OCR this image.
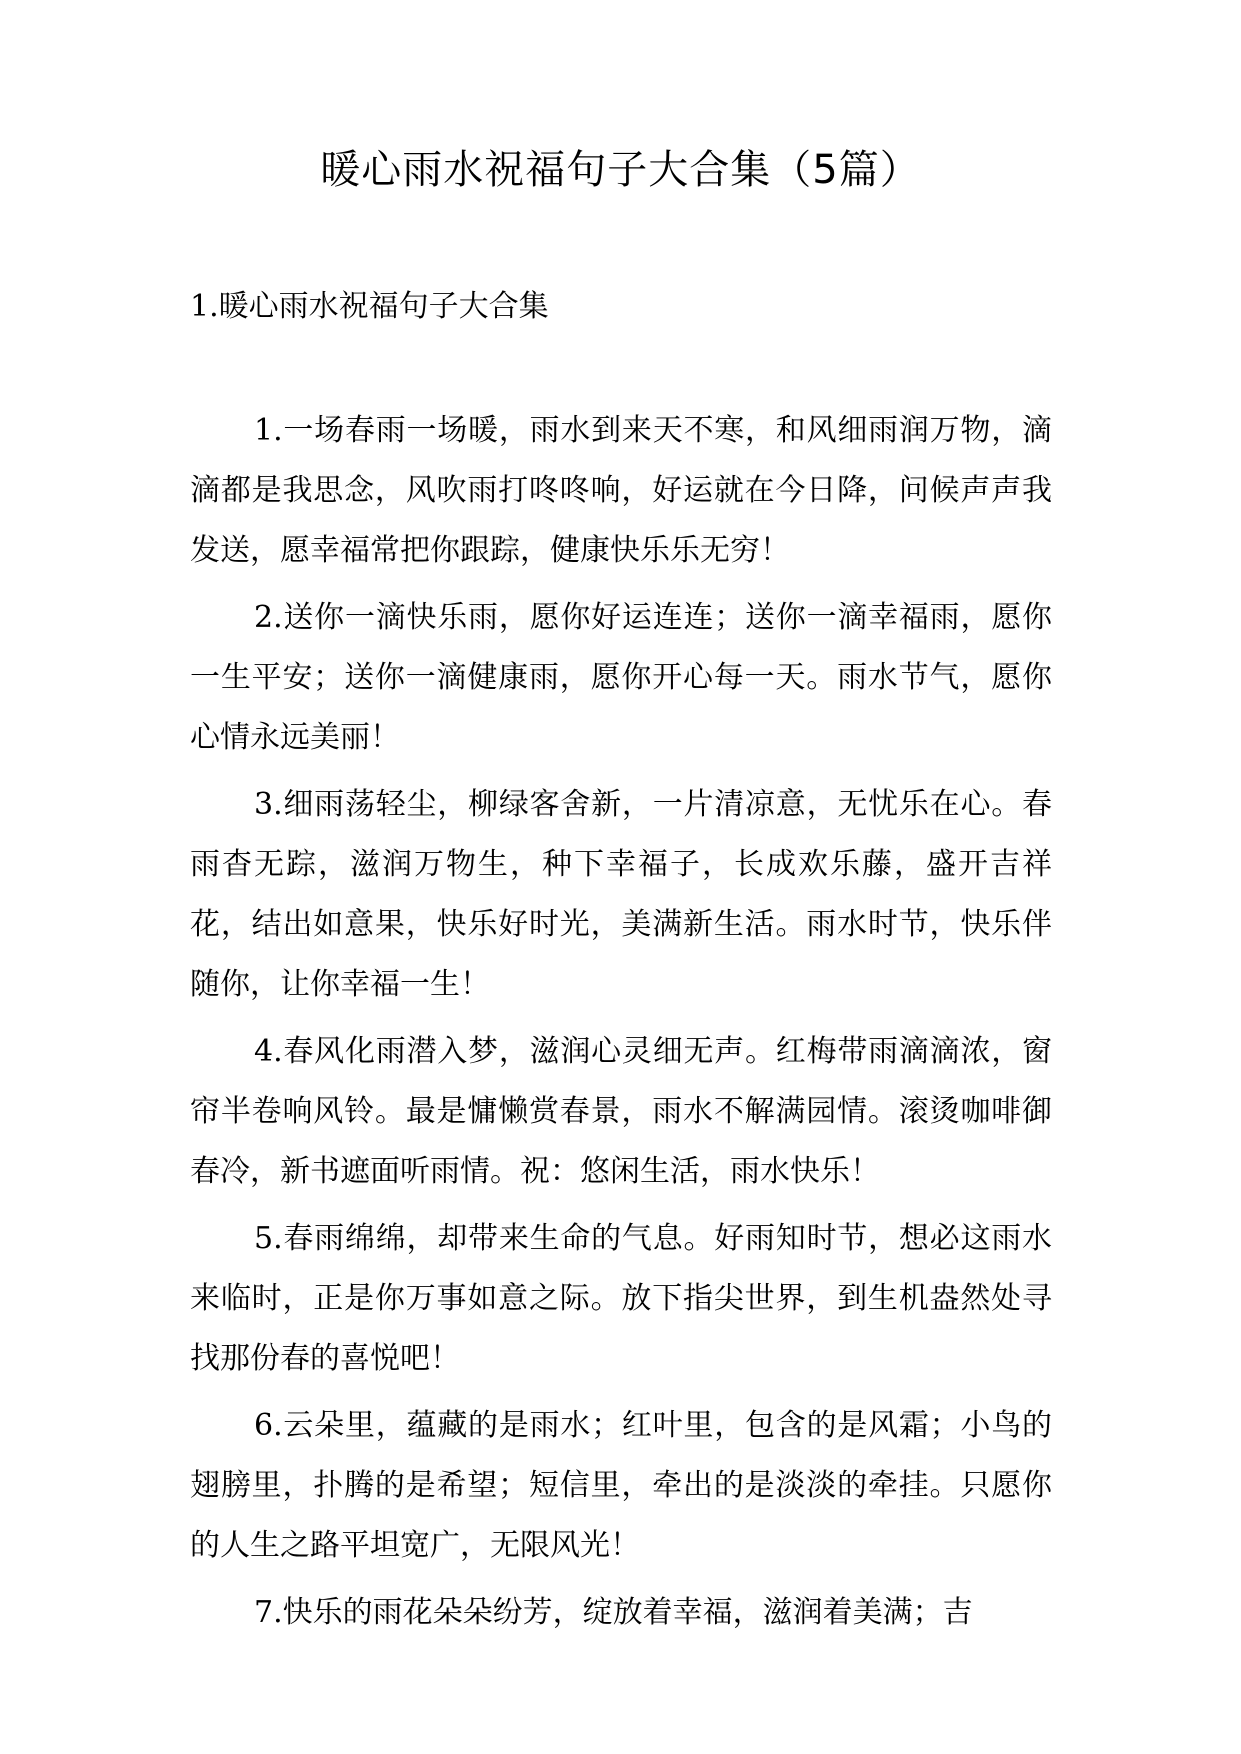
暖心雨水祝福句子大合集（5篇）
1.暖心雨水祝福句子大合集

1.一场春雨一场暖，雨水到来天不寒，和风细雨润万物，滴滴都是我思念，风吹雨打咚咚响，好运就在今日降，问候声声我发送，愿幸福常把你跟踪，健康快乐乐无穷！

2.送你一滴快乐雨，愿你好运连连；送你一滴幸福雨，愿你一生平安；送你一滴健康雨，愿你开心每一天。雨水节气，愿你心情永远美丽！

3.细雨荡轻尘，柳绿客舍新，一片清凉意，无忧乐在心。春雨杳无踪，滋润万物生，种下幸福子，长成欢乐藤，盛开吉祥花，结出如意果，快乐好时光，美满新生活。雨水时节，快乐伴随你，让你幸福一生！

4.春风化雨潜入梦，滋润心灵细无声。红梅带雨滴滴浓，窗帘半卷响风铃。最是慵懒赏春景，雨水不解满园情。滚烫咖啡御春冷，新书遮面听雨情。祝：悠闲生活，雨水快乐！

5.春雨绵绵，却带来生命的气息。好雨知时节，想必这雨水来临时，正是你万事如意之际。放下指尖世界，到生机盎然处寻找那份春的喜悦吧！

6.云朵里，蕴藏的是雨水；红叶里，包含的是风霜；小鸟的翅膀里，扑腾的是希望；短信里，牵出的是淡淡的牵挂。只愿你的人生之路平坦宽广，无限风光！

7.快乐的雨花朵朵纷芳，绽放着幸福，滋润着美满；吉
